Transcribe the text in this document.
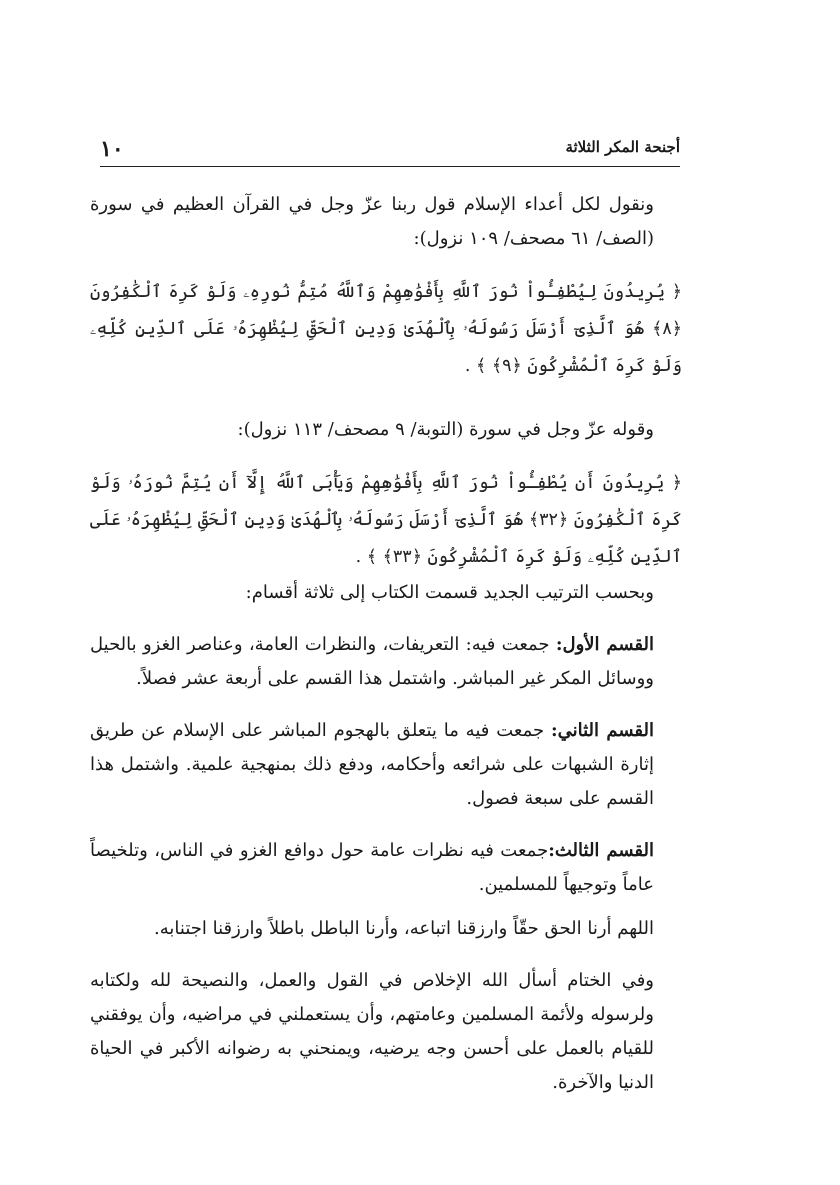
أجنحة المكر الثلاثة
١٠

ونقول لكل أعداء الإسلام قول ربنا عزّ وجل في القرآن العظيم في سورة (الصف/ ٦١ مصحف/ ١٠٩ نزول):

﴿ يُرِيدُونَ لِيُطْفِـُٔواْ نُورَ ٱللَّهِ بِأَفْوَٰهِهِمْ وَٱللَّهُ مُتِمُّ نُورِهِۦ وَلَوْ كَرِهَ ٱلْكَٰفِرُونَ ﴿٨﴾ هُوَ ٱلَّذِىٓ أَرْسَلَ رَسُولَهُۥ بِٱلْهُدَىٰ وَدِينِ ٱلْحَقِّ لِيُظْهِرَهُۥ عَلَى ٱلدِّينِ كُلِّهِۦ وَلَوْ كَرِهَ ٱلْمُشْرِكُونَ ﴿٩﴾ ﴾ .

وقوله عزّ وجل في سورة (التوبة/ ٩ مصحف/ ١١٣ نزول):

﴿ يُرِيدُونَ أَن يُطْفِـُٔواْ نُورَ ٱللَّهِ بِأَفْوَٰهِهِمْ وَيَأْبَى ٱللَّهُ إِلَّآ أَن يُتِمَّ نُورَهُۥ وَلَوْ كَرِهَ ٱلْكَٰفِرُونَ ﴿٣٢﴾ هُوَ ٱلَّذِىٓ أَرْسَلَ رَسُولَهُۥ بِٱلْهُدَىٰ وَدِينِ ٱلْحَقِّ لِيُظْهِرَهُۥ عَلَى ٱلدِّينِ كُلِّهِۦ وَلَوْ كَرِهَ ٱلْمُشْرِكُونَ ﴿٣٣﴾ ﴾ .

وبحسب الترتيب الجديد قسمت الكتاب إلى ثلاثة أقسام:

القسم الأول: جمعت فيه: التعريفات، والنظرات العامة، وعناصر الغزو بالحيل ووسائل المكر غير المباشر. واشتمل هذا القسم على أربعة عشر فصلاً.

القسم الثاني: جمعت فيه ما يتعلق بالهجوم المباشر على الإسلام عن طريق إثارة الشبهات على شرائعه وأحكامه، ودفع ذلك بمنهجية علمية. واشتمل هذا القسم على سبعة فصول.

القسم الثالث:جمعت فيه نظرات عامة حول دوافع الغزو في الناس، وتلخيصاً عاماً وتوجيهاً للمسلمين.

اللهم أرنا الحق حقّاً وارزقنا اتباعه، وأرنا الباطل باطلاً وارزقنا اجتنابه.

وفي الختام أسأل الله الإخلاص في القول والعمل، والنصيحة لله ولكتابه ولرسوله ولأئمة المسلمين وعامتهم، وأن يستعملني في مراضيه، وأن يوفقني للقيام بالعمل على أحسن وجه يرضيه، ويمنحني به رضوانه الأكبر في الحياة الدنيا والآخرة.
